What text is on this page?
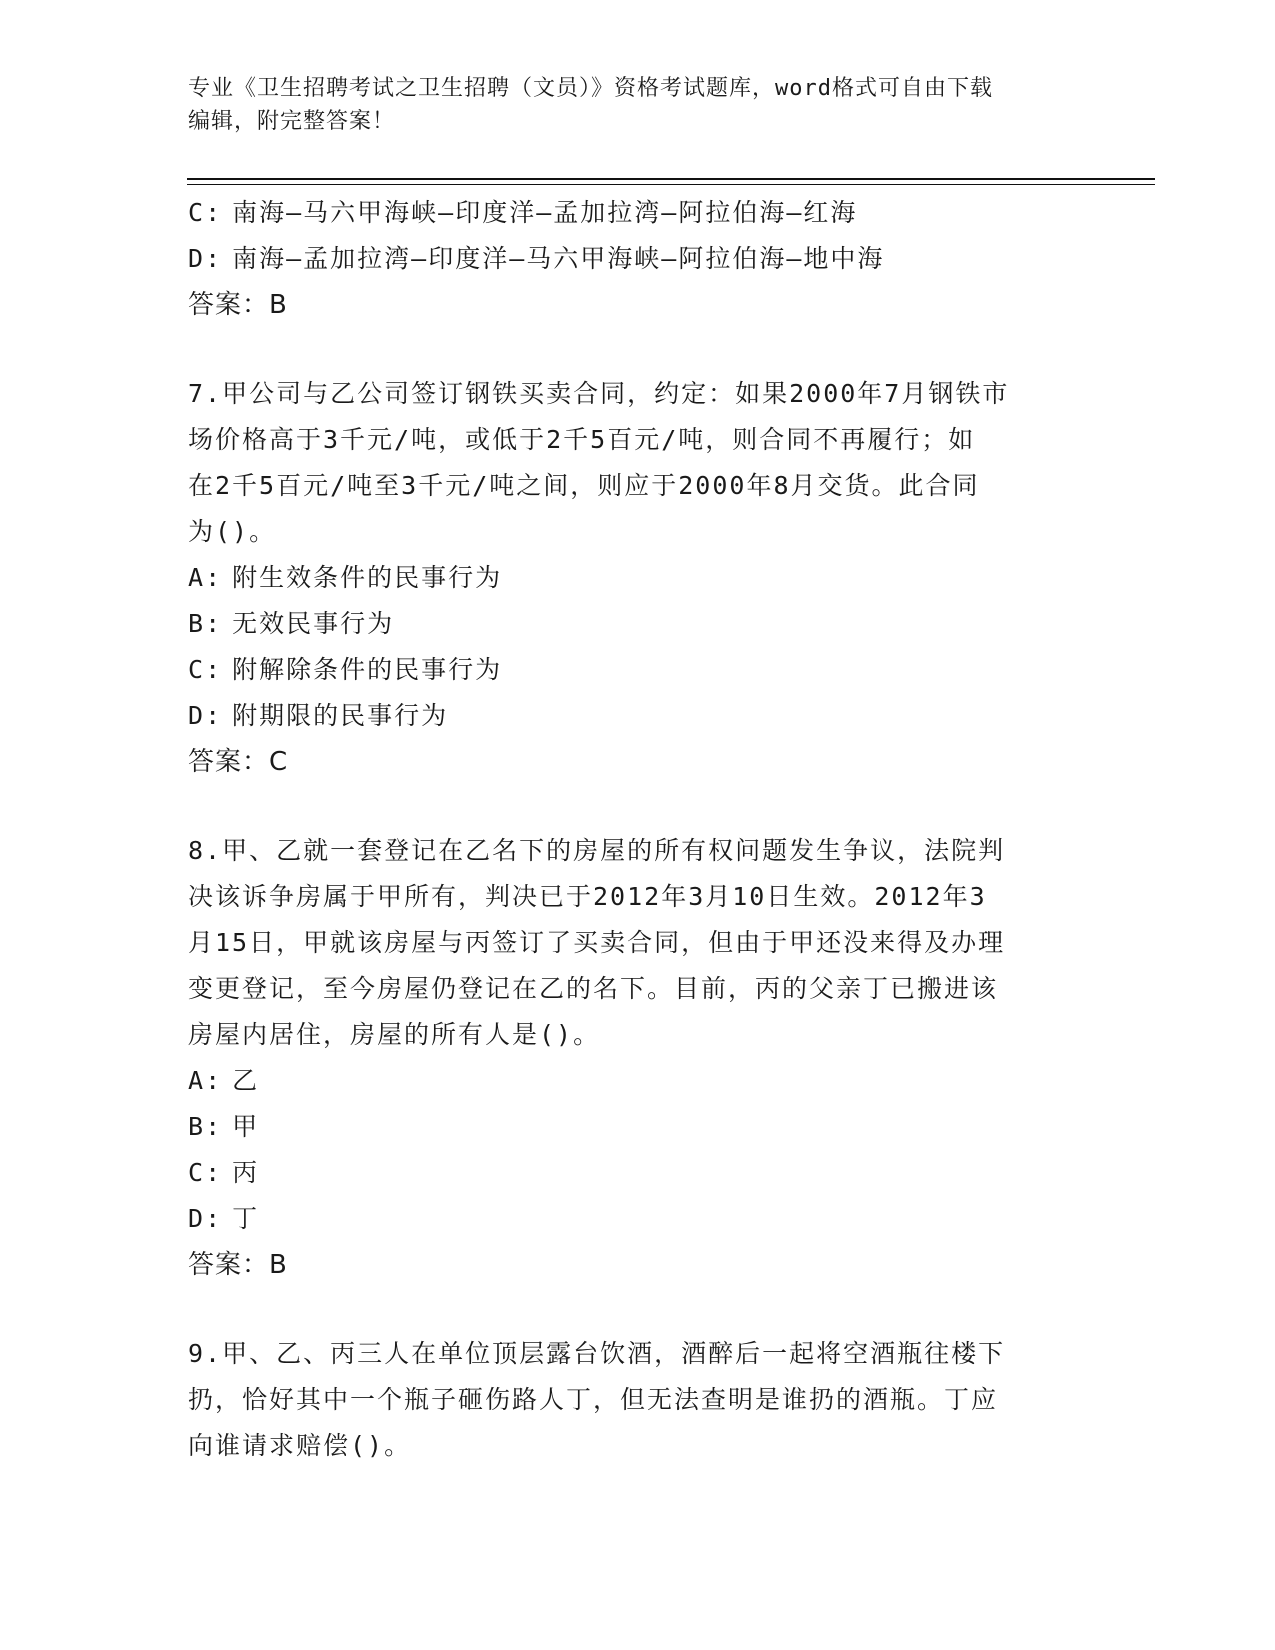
专业《卫生招聘考试之卫生招聘（文员）》资格考试题库，word格式可自由下载
编辑，附完整答案！
C: 南海—马六甲海峡—印度洋—孟加拉湾—阿拉伯海—红海
D: 南海—孟加拉湾—印度洋—马六甲海峡—阿拉伯海—地中海
答案：B
7.甲公司与乙公司签订钢铁买卖合同，约定：如果2000年7月钢铁市
场价格高于3千元/吨，或低于2千5百元/吨，则合同不再履行；如
在2千5百元/吨至3千元/吨之间，则应于2000年8月交货。此合同
为()。
A: 附生效条件的民事行为
B: 无效民事行为
C: 附解除条件的民事行为
D: 附期限的民事行为
答案：C
8.甲、乙就一套登记在乙名下的房屋的所有权问题发生争议，法院判
决该诉争房属于甲所有，判决已于2012年3月10日生效。2012年3
月15日，甲就该房屋与丙签订了买卖合同，但由于甲还没来得及办理
变更登记，至今房屋仍登记在乙的名下。目前，丙的父亲丁已搬进该
房屋内居住，房屋的所有人是()。
A: 乙
B: 甲
C: 丙
D: 丁
答案：B
9.甲、乙、丙三人在单位顶层露台饮酒，酒醉后一起将空酒瓶往楼下
扔，恰好其中一个瓶子砸伤路人丁，但无法查明是谁扔的酒瓶。丁应
向谁请求赔偿()。
